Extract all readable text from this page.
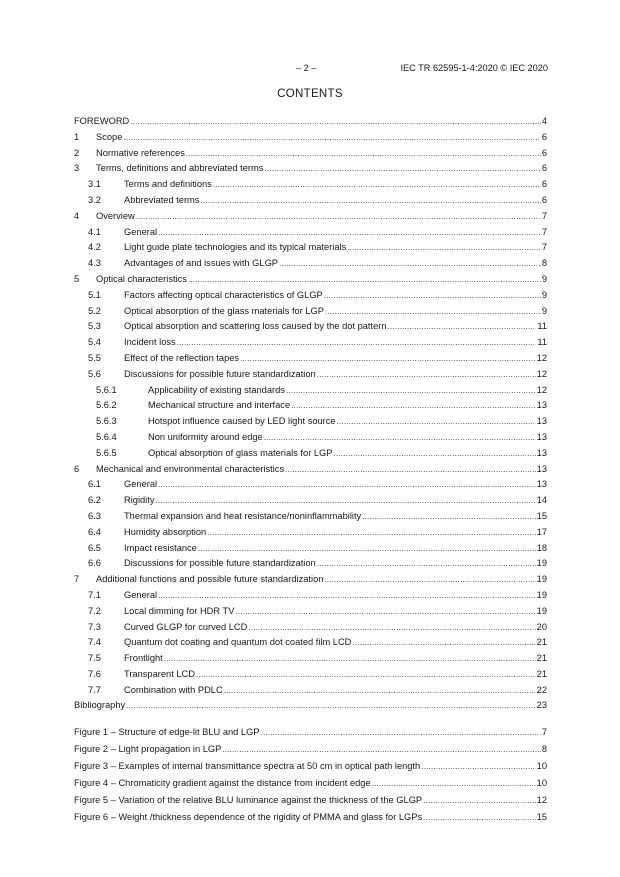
– 2 –	IEC TR 62595-1-4:2020 © IEC 2020
CONTENTS
FOREWORD .....	4
1	Scope .....	6
2	Normative references .....	6
3	Terms, definitions and abbreviated terms .....	6
3.1	Terms and definitions .....	6
3.2	Abbreviated terms .....	6
4	Overview .....	7
4.1	General .....	7
4.2	Light guide plate technologies and its typical materials .....	7
4.3	Advantages of and issues with GLGP .....	8
5	Optical characteristics .....	9
5.1	Factors affecting optical characteristics of GLGP .....	9
5.2	Optical absorption of the glass materials for LGP .....	9
5.3	Optical absorption and scattering loss caused by the dot pattern .....	11
5.4	Incident loss .....	11
5.5	Effect of the reflection tapes .....	12
5.6	Discussions for possible future standardization .....	12
5.6.1	Applicability of existing standards .....	12
5.6.2	Mechanical structure and interface .....	13
5.6.3	Hotspot influence caused by LED light source .....	13
5.6.4	Non uniformity around edge .....	13
5.6.5	Optical absorption of glass materials for LGP .....	13
6	Mechanical and environmental characteristics .....	13
6.1	General .....	13
6.2	Rigidity .....	14
6.3	Thermal expansion and heat resistance/noninflammability .....	15
6.4	Humidity absorption .....	17
6.5	Impact resistance .....	18
6.6	Discussions for possible future standardization .....	19
7	Additional functions and possible future standardization .....	19
7.1	General .....	19
7.2	Local dimming for HDR TV .....	19
7.3	Curved GLGP for curved LCD .....	20
7.4	Quantum dot coating and quantum dot coated film LCD .....	21
7.5	Frontlight .....	21
7.6	Transparent LCD .....	21
7.7	Combination with PDLC .....	22
Bibliography .....	23
Figure 1 – Structure of edge-lit BLU and LGP .....	7
Figure 2 – Light propagation in LGP .....	8
Figure 3 – Examples of internal transmittance spectra at 50 cm in optical path length .....	10
Figure 4 – Chromaticity gradient against the distance from incident edge .....	10
Figure 5 – Variation of the relative BLU luminance against the thickness of the GLGP .....	12
Figure 6 – Weight /thickness dependence of the rigidity of PMMA and glass for LGPs .....	15
